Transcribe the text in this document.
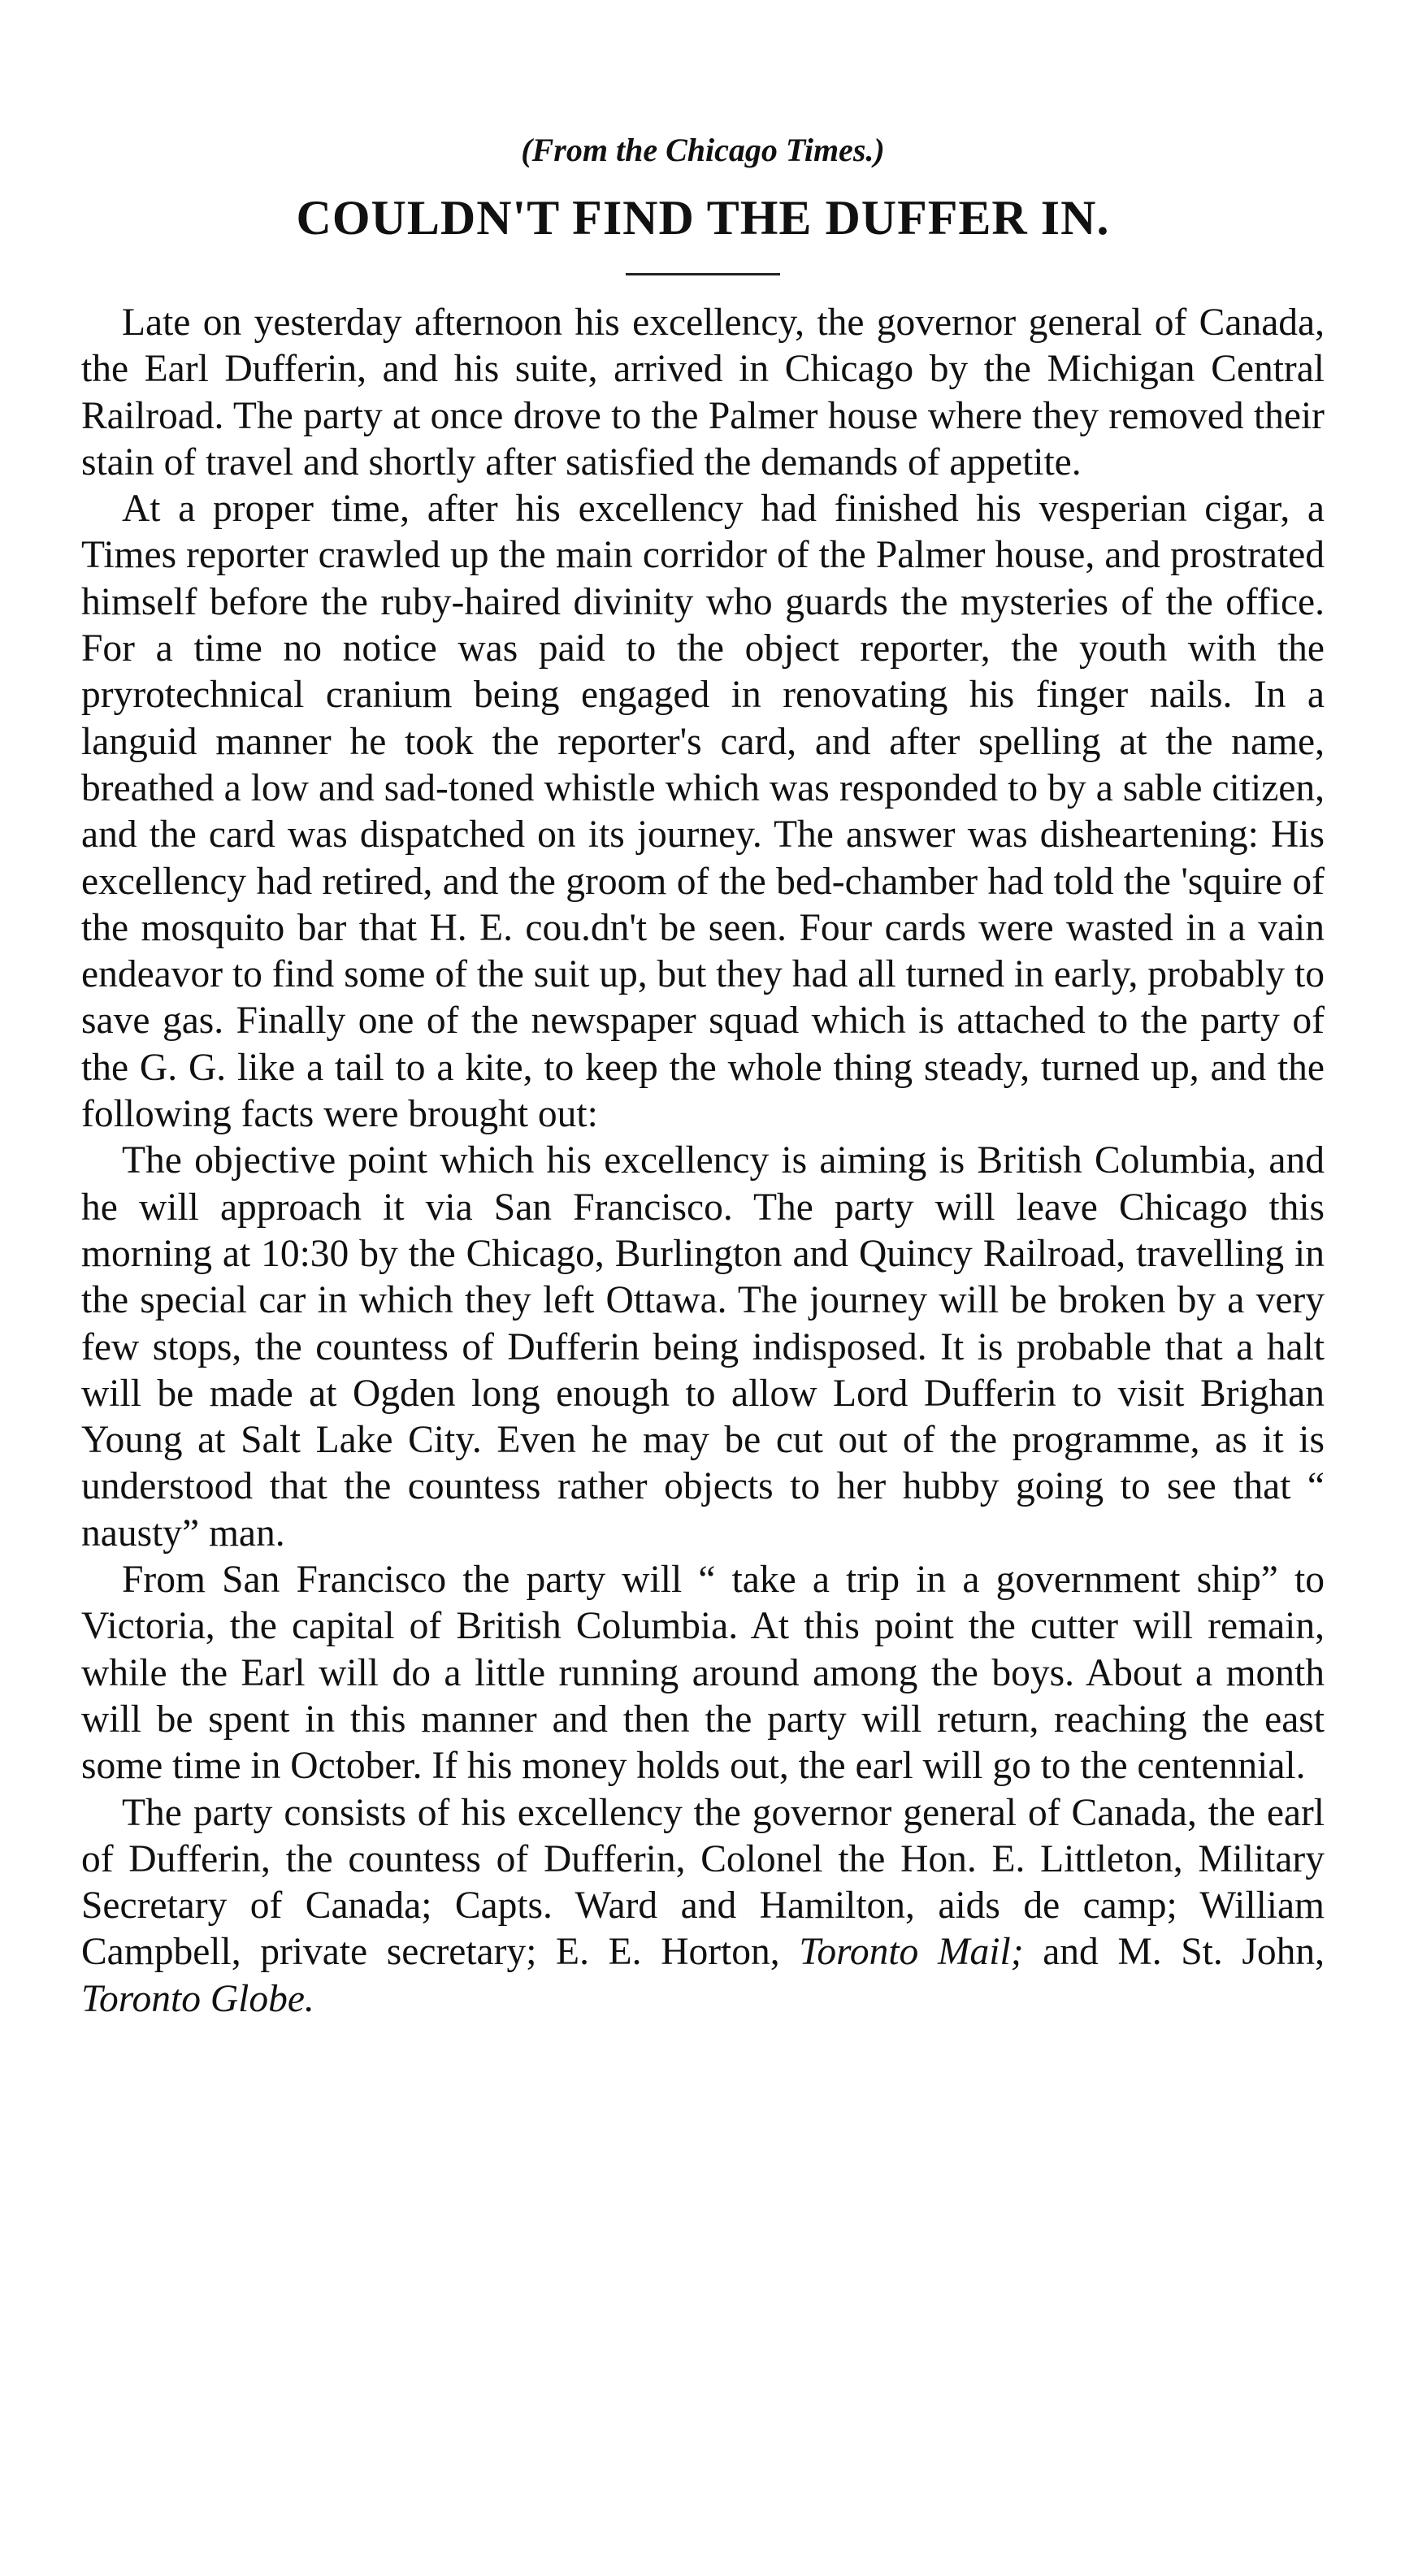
(From the Chicago Times.)
COULDN'T FIND THE DUFFER IN.

Late on yesterday afternoon his excellency, the governor general of Canada, the Earl Dufferin, and his suite, arrived in Chicago by the Michigan Central Railroad. The party at once drove to the Palmer house where they removed their stain of travel and shortly after satisfied the demands of appetite.

At a proper time, after his excellency had finished his vesperian cigar, a Times reporter crawled up the main corridor of the Palmer house, and prostrated himself before the ruby-haired divinity who guards the mysteries of the office. For a time no notice was paid to the object reporter, the youth with the pryrotechnical cranium being engaged in renovating his finger nails. In a languid manner he took the reporter's card, and after spelling at the name, breathed a low and sad-toned whistle which was responded to by a sable citizen, and the card was dispatched on its journey. The answer was disheartening: His excellency had retired, and the groom of the bed-chamber had told the 'squire of the mosquito bar that H. E. cou.dn't be seen. Four cards were wasted in a vain endeavor to find some of the suit up, but they had all turned in early, probably to save gas. Finally one of the newspaper squad which is attached to the party of the G. G. like a tail to a kite, to keep the whole thing steady, turned up, and the following facts were brought out:

The objective point which his excellency is aiming is British Columbia, and he will approach it via San Francisco. The party will leave Chicago this morning at 10:30 by the Chicago, Burlington and Quincy Railroad, travelling in the special car in which they left Ottawa. The journey will be broken by a very few stops, the countess of Dufferin being indisposed. It is probable that a halt will be made at Ogden long enough to allow Lord Dufferin to visit Brighan Young at Salt Lake City. Even he may be cut out of the programme, as it is understood that the countess rather objects to her hubby going to see that “ nausty” man.

From San Francisco the party will “ take a trip in a government ship” to Victoria, the capital of British Columbia. At this point the cutter will remain, while the Earl will do a little running around among the boys. About a month will be spent in this manner and then the party will return, reaching the east some time in October. If his money holds out, the earl will go to the centennial.

The party consists of his excellency the governor general of Canada, the earl of Dufferin, the countess of Dufferin, Colonel the Hon. E. Littleton, Military Secretary of Canada; Capts. Ward and Hamilton, aids de camp; William Campbell, private secretary; E. E. Horton, Toronto Mail; and M. St. John, Toronto Globe.
